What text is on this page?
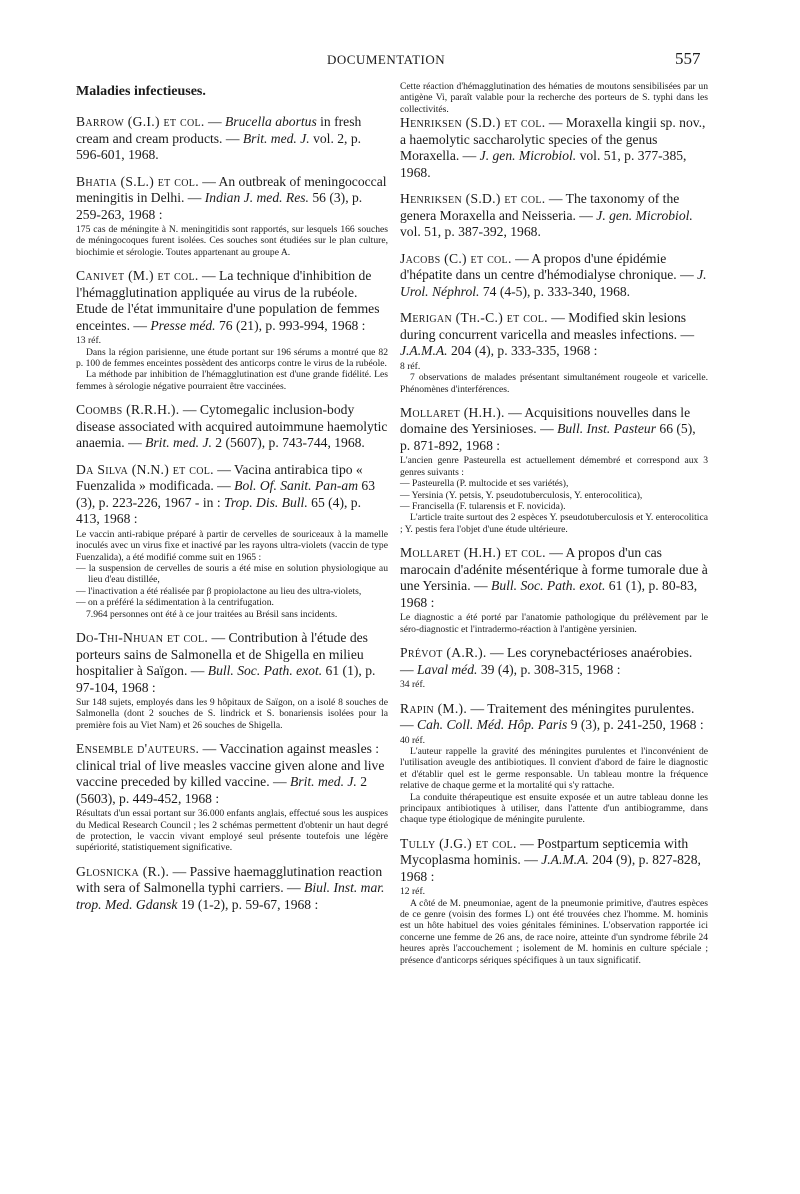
DOCUMENTATION	557
Maladies infectieuses.

Barrow (G.I.) et col. — Brucella abortus in fresh cream and cream products. — Brit. med. J. vol. 2, p. 596-601, 1968.

Bhatia (S.L.) et col. — An outbreak of meningococcal meningitis in Delhi. — Indian J. med. Res. 56 (3), p. 259-263, 1968 :

175 cas de méningite à N. meningitidis sont rapportés, sur lesquels 166 souches de méningocoques furent isolées. Ces souches sont étudiées sur le plan culture, biochimie et sérologie. Toutes appartenant au groupe A.

Canivet (M.) et col. — La technique d'inhibition de l'hémagglutination appliquée au virus de la rubéole. Etude de l'état immunitaire d'une population de femmes enceintes. — Presse méd. 76 (21), p. 993-994, 1968 :

13 réf.

Dans la région parisienne, une étude portant sur 196 sérums a montré que 82 p. 100 de femmes enceintes possèdent des anticorps contre le virus de la rubéole.

La méthode par inhibition de l'hémagglutination est d'une grande fidélité. Les femmes à sérologie négative pourraient être vaccinées.

Coombs (R.R.H.). — Cytomegalic inclusion-body disease associated with acquired autoimmune haemolytic anaemia. — Brit. med. J. 2 (5607), p. 743-744, 1968.

Da Silva (N.N.) et col. — Vacina antirabica tipo « Fuenzalida » modificada. — Bol. Of. Sanit. Pan-am 63 (3), p. 223-226, 1967 - in : Trop. Dis. Bull. 65 (4), p. 413, 1968 :

Le vaccin anti-rabique préparé à partir de cervelles de souriceaux à la mamelle inoculés avec un virus fixe et inactivé par les rayons ultra-violets (vaccin de type Fuenzalida), a été modifié comme suit en 1965 :

— la suspension de cervelles de souris a été mise en solution physiologique au lieu d'eau distillée,

— l'inactivation a été réalisée par β propiolactone au lieu des ultra-violets,

— on a préféré la sédimentation à la centrifugation.

7.964 personnes ont été à ce jour traitées au Brésil sans incidents.

Do-Thi-Nhuan et col. — Contribution à l'étude des porteurs sains de Salmonella et de Shigella en milieu hospitalier à Saïgon. — Bull. Soc. Path. exot. 61 (1), p. 97-104, 1968 :

Sur 148 sujets, employés dans les 9 hôpitaux de Saïgon, on a isolé 8 souches de Salmonella (dont 2 souches de S. lindrick et S. bonariensis isolées pour la première fois au Viet Nam) et 26 souches de Shigella.

Ensemble d'auteurs. — Vaccination against measles : clinical trial of live measles vaccine given alone and live vaccine preceded by killed vaccine. — Brit. med. J. 2 (5603), p. 449-452, 1968 :

Résultats d'un essai portant sur 36.000 enfants anglais, effectué sous les auspices du Medical Research Council ; les 2 schémas permettent d'obtenir un haut degré de protection, le vaccin vivant employé seul présente toutefois une légère supériorité, statistiquement significative.

Glosnicka (R.). — Passive haemagglutination reaction with sera of Salmonella typhi carriers. — Biul. Inst. mar. trop. Med. Gdansk 19 (1-2), p. 59-67, 1968 :

Cette réaction d'hémagglutination des hématies de moutons sensibilisées par un antigène Vi, paraît valable pour la recherche des porteurs de S. typhi dans les collectivités.

Henriksen (S.D.) et col. — Moraxella kingii sp. nov., a haemolytic saccharolytic species of the genus Moraxella. — J. gen. Microbiol. vol. 51, p. 377-385, 1968.

Henriksen (S.D.) et col. — The taxonomy of the genera Moraxella and Neisseria. — J. gen. Microbiol. vol. 51, p. 387-392, 1968.

Jacobs (C.) et col. — A propos d'une épidémie d'hépatite dans un centre d'hémodialyse chronique. — J. Urol. Néphrol. 74 (4-5), p. 333-340, 1968.

Merigan (Th.-C.) et col. — Modified skin lesions during concurrent varicella and measles infections. — J.A.M.A. 204 (4), p. 333-335, 1968 :

8 réf.

7 observations de malades présentant simultanément rougeole et varicelle. Phénomènes d'interférences.

Mollaret (H.H.). — Acquisitions nouvelles dans le domaine des Yersinioses. — Bull. Inst. Pasteur 66 (5), p. 871-892, 1968 :

L'ancien genre Pasteurella est actuellement démembré et correspond aux 3 genres suivants :

— Pasteurella (P. multocide et ses variétés),

— Yersinia (Y. petsis, Y. pseudotuberculosis, Y. enterocolitica),

— Francisella (F. tularensis et F. novicida).

L'article traite surtout des 2 espèces Y. pseudotuberculosis et Y. enterocolitica ; Y. pestis fera l'objet d'une étude ultérieure.

Mollaret (H.H.) et col. — A propos d'un cas marocain d'adénite mésentérique à forme tumorale due à une Yersinia. — Bull. Soc. Path. exot. 61 (1), p. 80-83, 1968 :

Le diagnostic a été porté par l'anatomie pathologique du prélèvement par le séro-diagnostic et l'intradermo-réaction à l'antigène yersinien.

Prévot (A.R.). — Les corynebactérioses anaérobies. — Laval méd. 39 (4), p. 308-315, 1968 :

34 réf.

Rapin (M.). — Traitement des méningites purulentes. — Cah. Coll. Méd. Hôp. Paris 9 (3), p. 241-250, 1968 :

40 réf.

L'auteur rappelle la gravité des méningites purulentes et l'inconvénient de l'utilisation aveugle des antibiotiques. Il convient d'abord de faire le diagnostic et d'établir quel est le germe responsable. Un tableau montre la fréquence relative de chaque germe et la mortalité qui s'y rattache.

La conduite thérapeutique est ensuite exposée et un autre tableau donne les principaux antibiotiques à utiliser, dans l'attente d'un antibiogramme, dans chaque type étiologique de méningite purulente.

Tully (J.G.) et col. — Postpartum septicemia with Mycoplasma hominis. — J.A.M.A. 204 (9), p. 827-828, 1968 :

12 réf.

A côté de M. pneumoniae, agent de la pneumonie primitive, d'autres espèces de ce genre (voisin des formes L) ont été trouvées chez l'homme. M. hominis est un hôte habituel des voies génitales féminines. L'observation rapportée ici concerne une femme de 26 ans, de race noire, atteinte d'un syndrome fébrile 24 heures après l'accouchement ; isolement de M. hominis en culture spéciale ; présence d'anticorps sériques spécifiques à un taux significatif.
